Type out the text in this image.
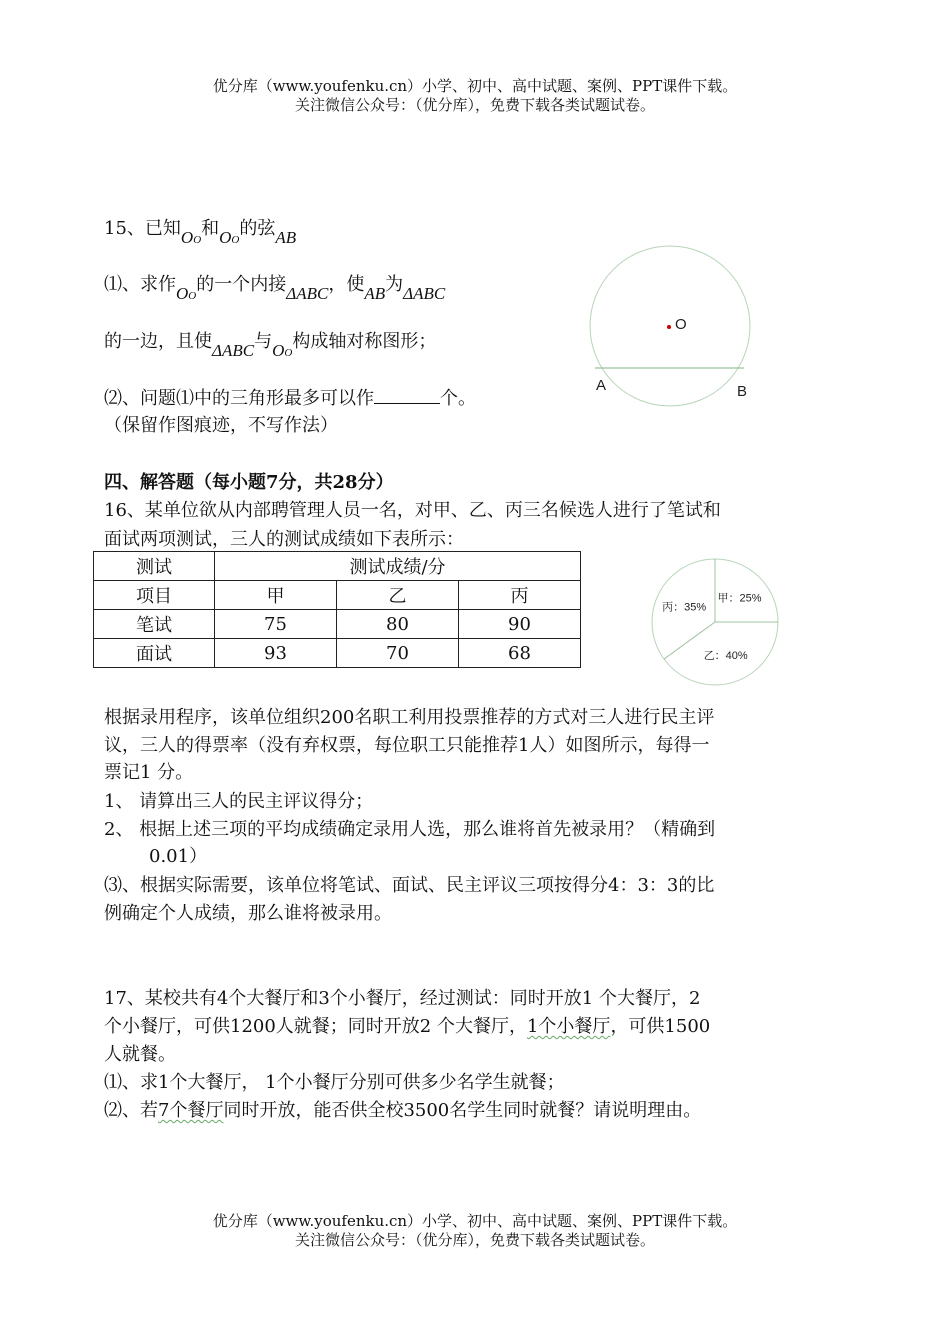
优分库（www.youfenku.cn）小学、初中、高中试题、案例、PPT课件下载。
关注微信公众号：（优分库），免费下载各类试题试卷。
15、已知OO和OO的弦AB
⑴、求作OO的一个内接ΔABC，使AB为ΔABC
的一边，且使ΔABC与OO构成轴对称图形；
⑵、问题⑴中的三角形最多可以作	个。
（保留作图痕迹，不写作法）
O
A	B
四、解答题（每小题7分，共28分）
16、某单位欲从内部聘管理人员一名，对甲、乙、丙三名候选人进行了笔试和
面试两项测试，三人的测试成绩如下表所示：
测试	测试成绩/分		
项目	甲	乙	丙
笔试	75	80	90
面试	93	70	68
甲：25%
乙：40%
丙：35%
根据录用程序，该单位组织200名职工利用投票推荐的方式对三人进行民主评
议，三人的得票率（没有弃权票，每位职工只能推荐1人）如图所示，每得一
票记1 分。
1、 请算出三人的民主评议得分；
2、 根据上述三项的平均成绩确定录用人选，那么谁将首先被录用？（精确到
0.01）
⑶、根据实际需要，该单位将笔试、面试、民主评议三项按得分4：3：3的比
例确定个人成绩，那么谁将被录用。
17、某校共有4个大餐厅和3个小餐厅，经过测试：同时开放1 个大餐厅，2
个小餐厅，可供1200人就餐；同时开放2 个大餐厅，1个小餐厅，可供1500
人就餐。
⑴、求1个大餐厅， 1个小餐厅分别可供多少名学生就餐；
⑵、若7个餐厅同时开放，能否供全校3500名学生同时就餐？请说明理由。
优分库（www.youfenku.cn）小学、初中、高中试题、案例、PPT课件下载。
关注微信公众号：（优分库），免费下载各类试题试卷。
